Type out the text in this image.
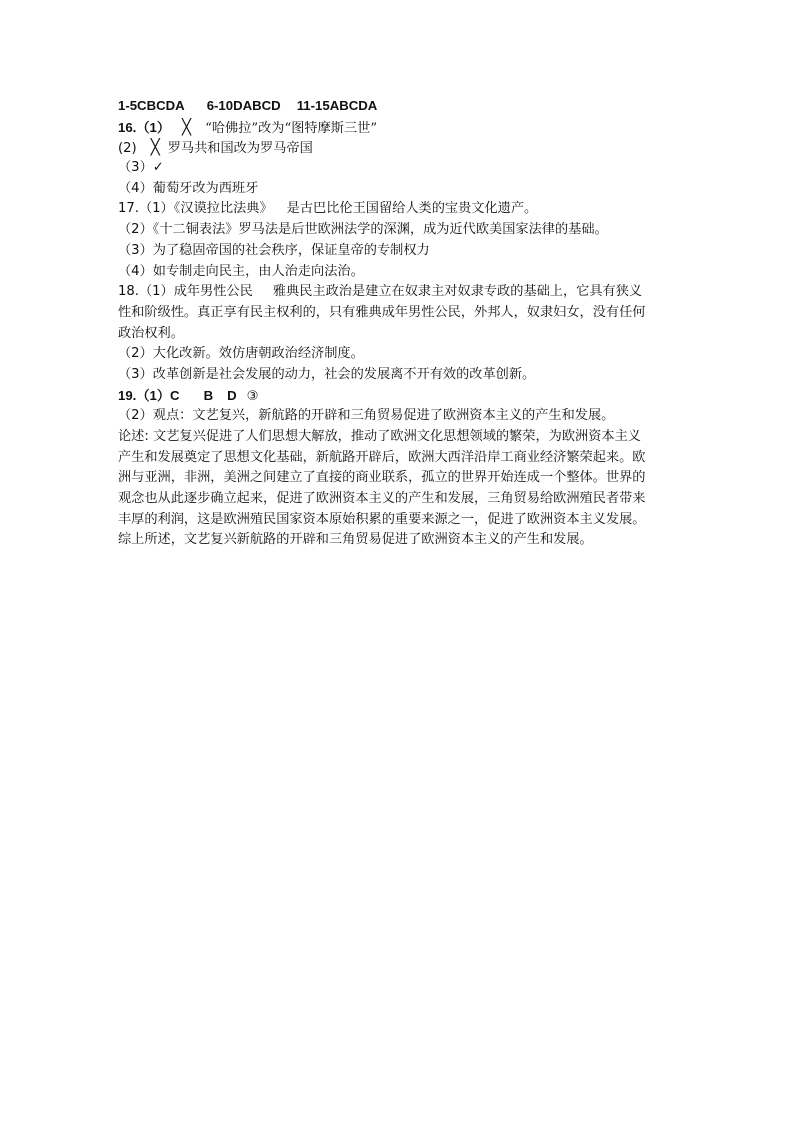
1-5CBCDA 6-10DABCD 11-15ABCDA
16.（1） ╳ “哈佛拉”改为“图特摩斯三世”
(2) ╳ 罗马共和国改为罗马帝国
（3）✓
（4）葡萄牙改为西班牙
17.（1）《汉谟拉比法典》 是古巴比伦王国留给人类的宝贵文化遗产。
（2）《十二铜表法》罗马法是后世欧洲法学的深渊，成为近代欧美国家法律的基础。
（3）为了稳固帝国的社会秩序，保证皇帝的专制权力
（4）如专制走向民主，由人治走向法治。
18.（1）成年男性公民 雅典民主政治是建立在奴隶主对奴隶专政的基础上，它具有狭义
性和阶级性。真正享有民主权利的，只有雅典成年男性公民，外邦人，奴隶妇女，没有任何
政治权利。
（2）大化改新。效仿唐朝政治经济制度。
（3）改革创新是社会发展的动力，社会的发展离不开有效的改革创新。
19.（1）C B D ③
（2）观点：文艺复兴，新航路的开辟和三角贸易促进了欧洲资本主义的产生和发展。
论述: 文艺复兴促进了人们思想大解放，推动了欧洲文化思想领域的繁荣，为欧洲资本主义
产生和发展奠定了思想文化基础，新航路开辟后，欧洲大西洋沿岸工商业经济繁荣起来。欧
洲与亚洲，非洲，美洲之间建立了直接的商业联系，孤立的世界开始连成一个整体。世界的
观念也从此逐步确立起来，促进了欧洲资本主义的产生和发展，三角贸易给欧洲殖民者带来
丰厚的利润，这是欧洲殖民国家资本原始积累的重要来源之一，促进了欧洲资本主义发展。
综上所述，文艺复兴新航路的开辟和三角贸易促进了欧洲资本主义的产生和发展。
